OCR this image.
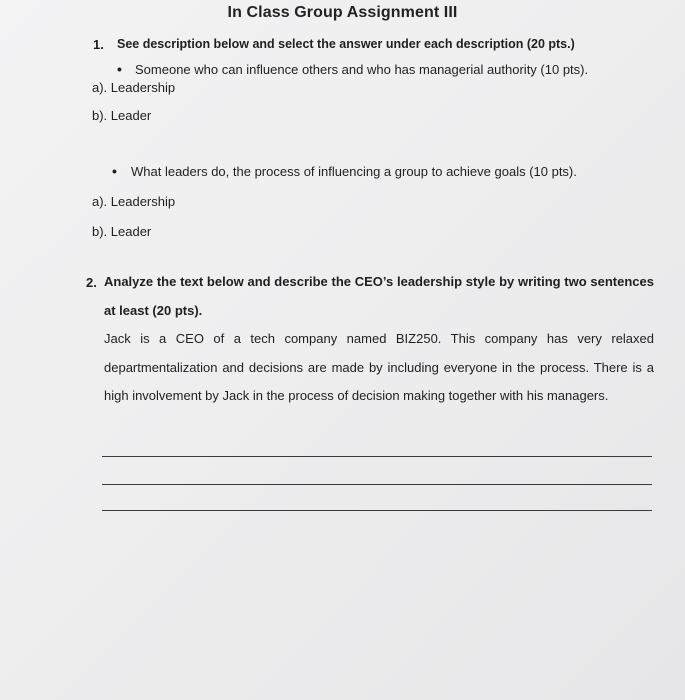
In Class Group Assignment III
1. See description below and select the answer under each description (20 pts.)
• Someone who can influence others and who has managerial authority (10 pts).
a). Leadership
b). Leader
• What leaders do, the process of influencing a group to achieve goals (10 pts).
a). Leadership
b). Leader
2. Analyze the text below and describe the CEO’s leadership style by writing two sentences at least (20 pts).
Jack is a CEO of a tech company named BIZ250. This company has very relaxed departmentalization and decisions are made by including everyone in the process. There is a high involvement by Jack in the process of decision making together with his managers.
